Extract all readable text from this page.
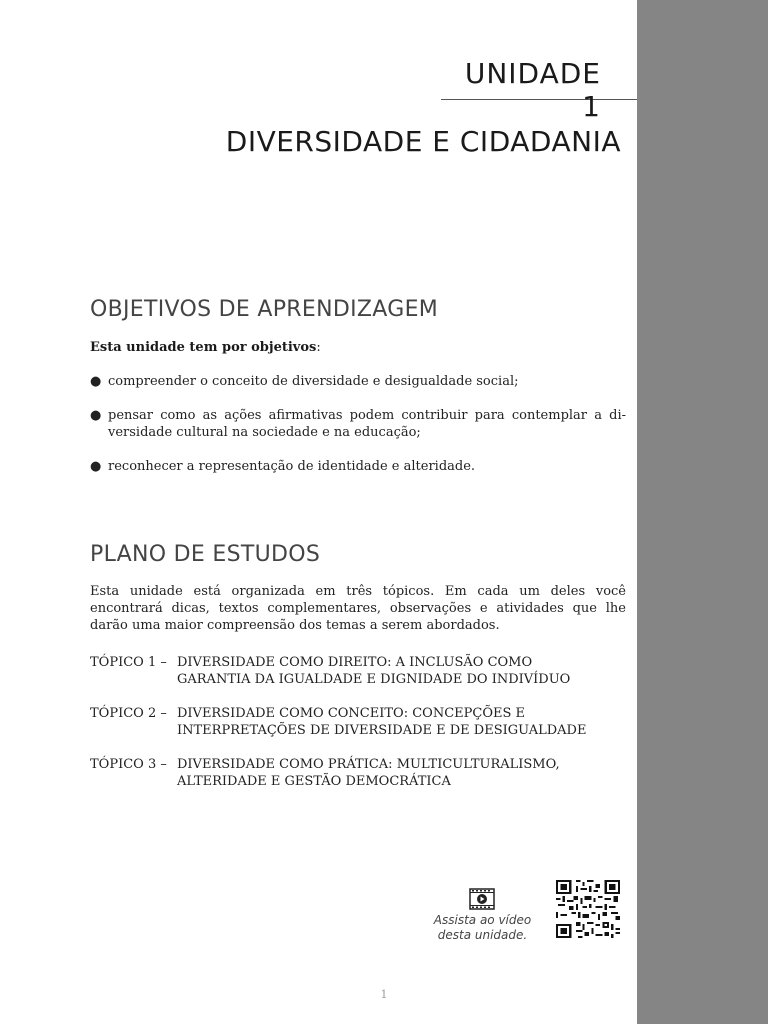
UNIDADE 1
DIVERSIDADE E CIDADANIA
OBJETIVOS DE APRENDIZAGEM
Esta unidade tem por objetivos:
● compreender o conceito de diversidade e desigualdade social;
● pensar como as ações afirmativas podem contribuir para contemplar a di- versidade cultural na sociedade e na educação;
● reconhecer a representação de identidade e alteridade.
PLANO DE ESTUDOS
Esta unidade está organizada em três tópicos. Em cada um deles você encontrará dicas, textos complementares, observações e atividades que lhe darão uma maior compreensão dos temas a serem abordados.
TÓPICO 1 – DIVERSIDADE COMO DIREITO: A INCLUSÃO COMO
GARANTIA DA IGUALDADE E DIGNIDADE DO INDIVÍDUO
TÓPICO 2 – DIVERSIDADE COMO CONCEITO: CONCEPÇÕES E
INTERPRETAÇÕES DE DIVERSIDADE E DE DESIGUALDADE
TÓPICO 3 – DIVERSIDADE COMO PRÁTICA: MULTICULTURALISMO,
ALTERIDADE E GESTÃO DEMOCRÁTICA
Assista ao vídeo
desta unidade.
1
